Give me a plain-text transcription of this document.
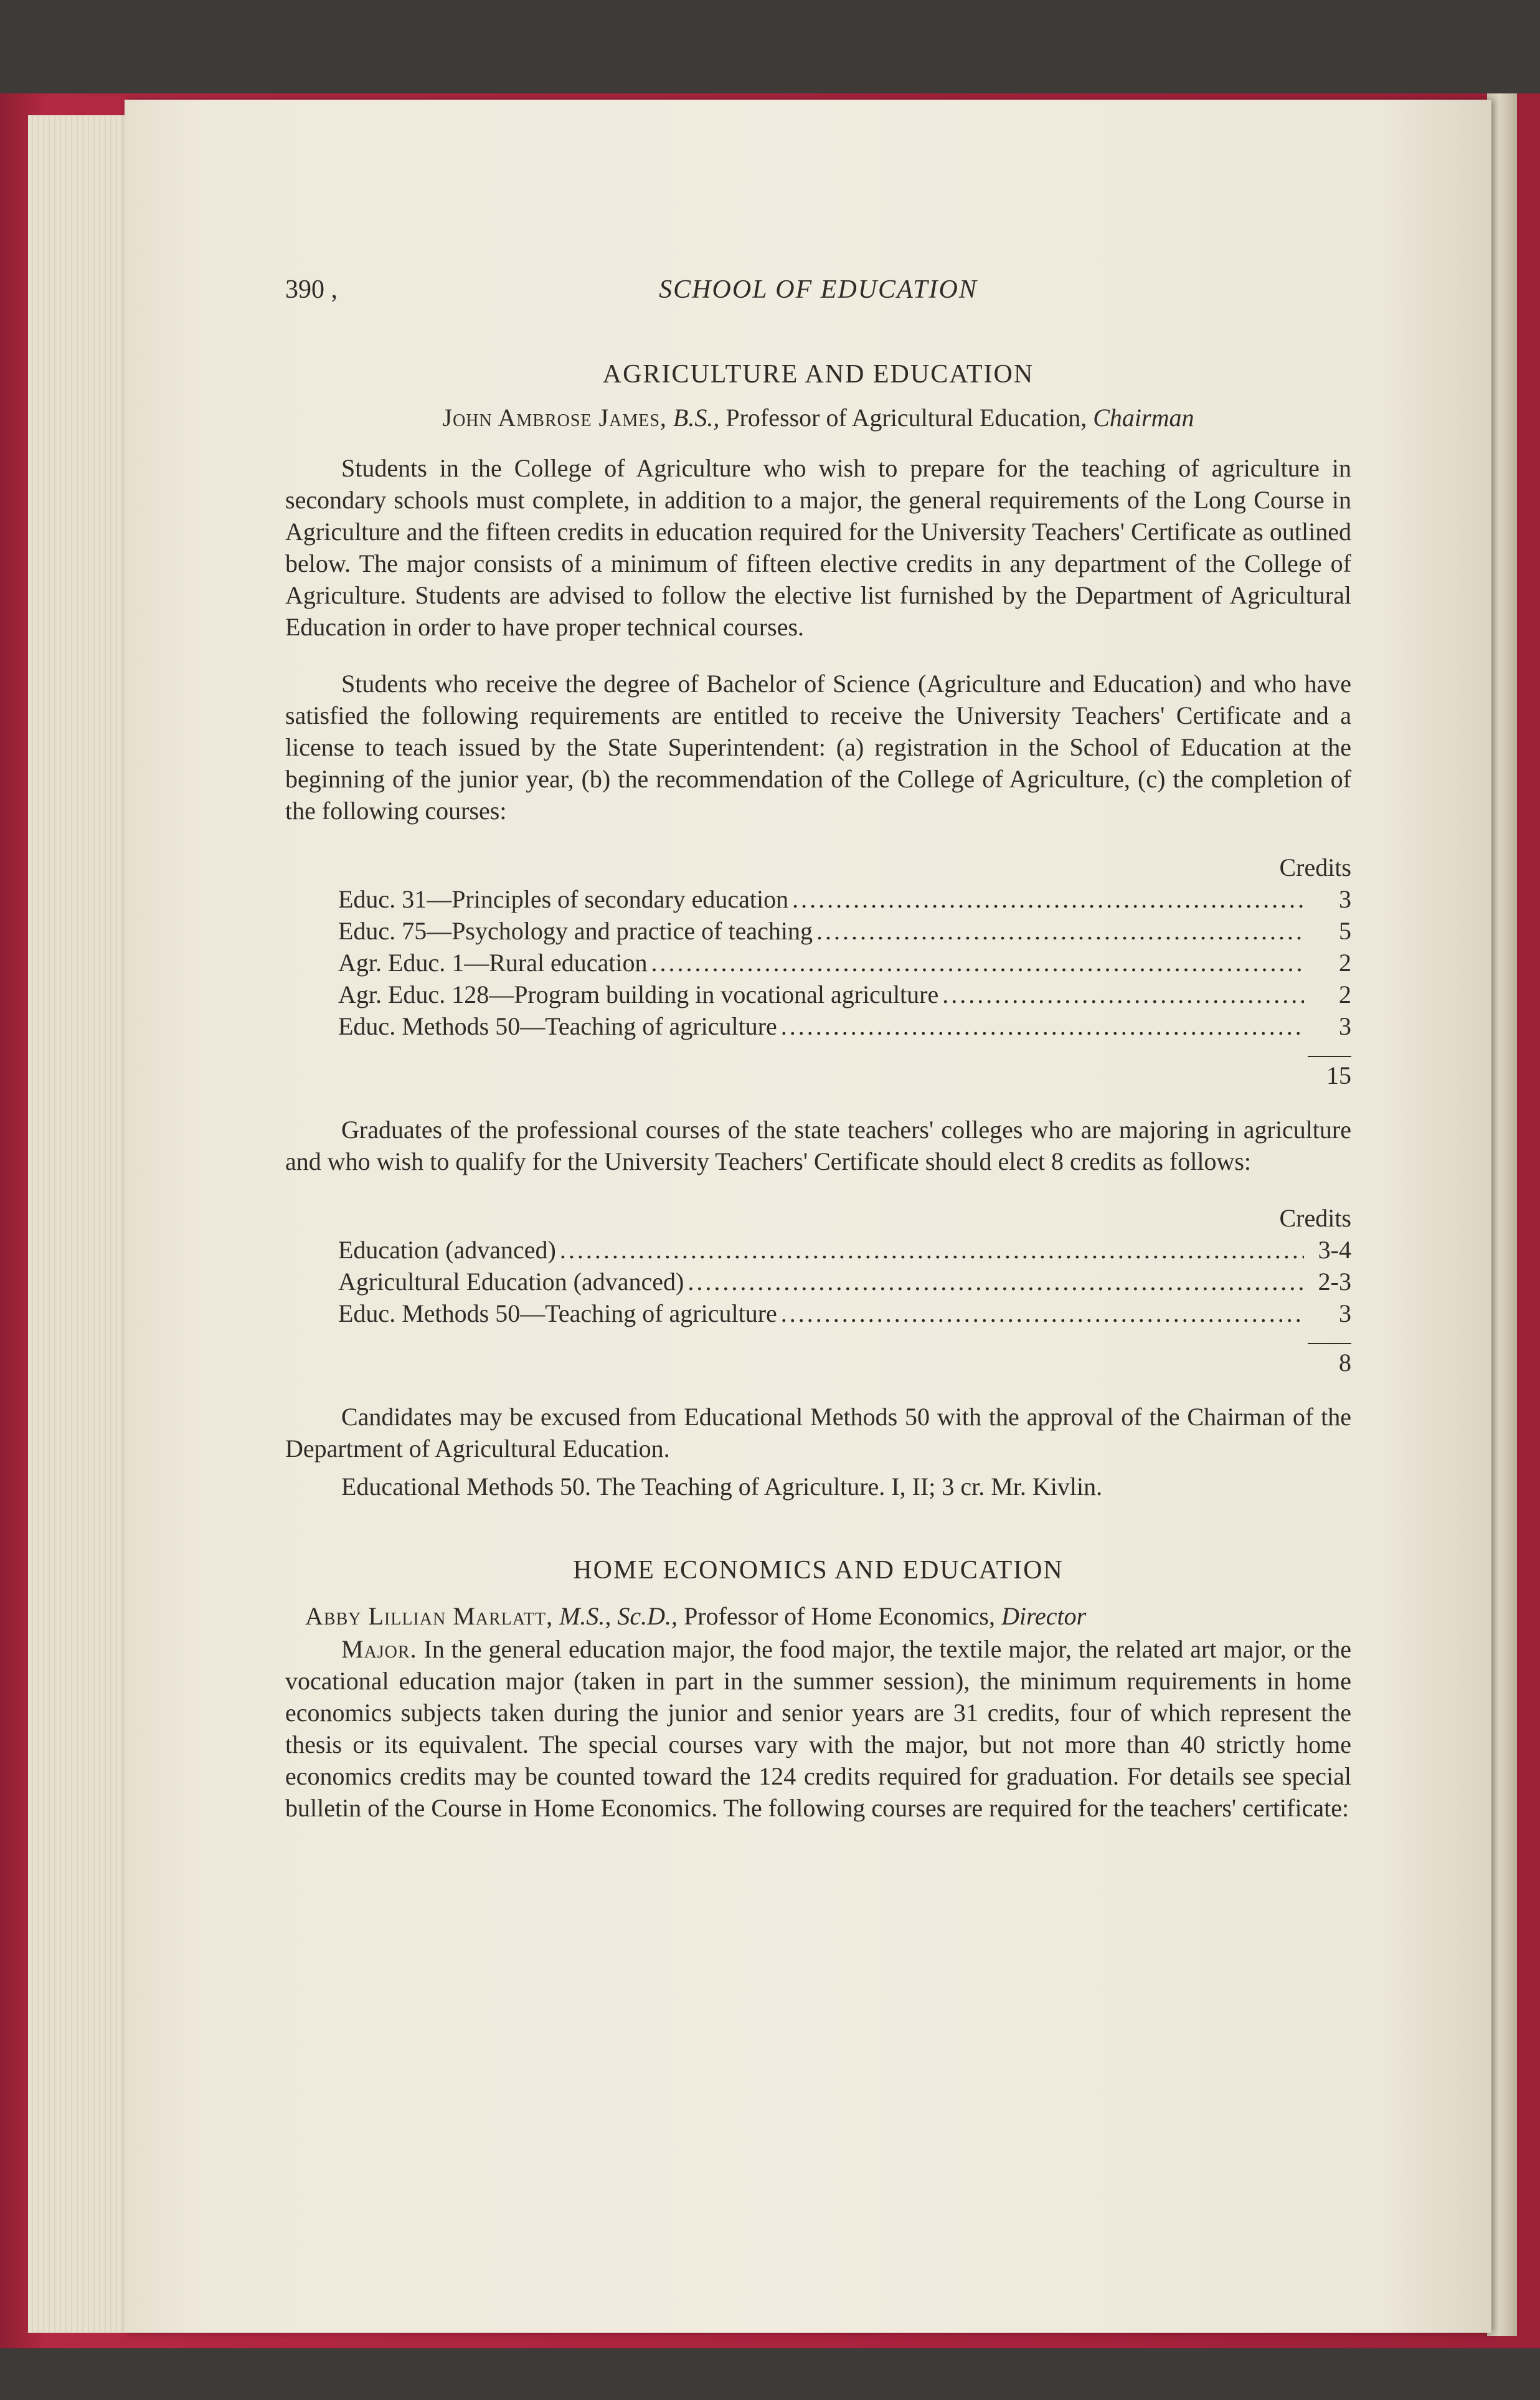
390 ,	SCHOOL OF EDUCATION
AGRICULTURE AND EDUCATION
John Ambrose James, B.S., Professor of Agricultural Education, Chairman

Students in the College of Agriculture who wish to prepare for the teaching of agriculture in secondary schools must complete, in addition to a major, the general requirements of the Long Course in Agriculture and the fifteen credits in education required for the University Teachers' Certificate as outlined below. The major consists of a minimum of fifteen elective credits in any department of the College of Agriculture. Students are advised to follow the elective list furnished by the Department of Agricultural Education in order to have proper technical courses.

Students who receive the degree of Bachelor of Science (Agriculture and Education) and who have satisfied the following requirements are entitled to receive the University Teachers' Certificate and a license to teach issued by the State Superintendent: (a) registration in the School of Education at the beginning of the junior year, (b) the recommendation of the College of Agriculture, (c) the completion of the following courses:

Credits
Educ. 31—Principles of secondary education .....	3
Educ. 75—Psychology and practice of teaching .....	5
Agr. Educ. 1—Rural education .....	2
Agr. Educ. 128—Program building in vocational agriculture .....	2
Educ. Methods 50—Teaching of agriculture .....	3
15

Graduates of the professional courses of the state teachers' colleges who are majoring in agriculture and who wish to qualify for the University Teachers' Certificate should elect 8 credits as follows:

Credits
Education (advanced) .....	3-4
Agricultural Education (advanced) .....	2-3
Educ. Methods 50—Teaching of agriculture .....	3
8

Candidates may be excused from Educational Methods 50 with the approval of the Chairman of the Department of Agricultural Education.

Educational Methods 50. The Teaching of Agriculture. I, II; 3 cr. Mr. Kivlin.

HOME ECONOMICS AND EDUCATION

Abby Lillian Marlatt, M.S., Sc.D., Professor of Home Economics, Director

Major. In the general education major, the food major, the textile major, the related art major, or the vocational education major (taken in part in the summer session), the minimum requirements in home economics subjects taken during the junior and senior years are 31 credits, four of which represent the thesis or its equivalent. The special courses vary with the major, but not more than 40 strictly home economics credits may be counted toward the 124 credits required for graduation. For details see special bulletin of the Course in Home Economics. The following courses are required for the teachers' certificate:
